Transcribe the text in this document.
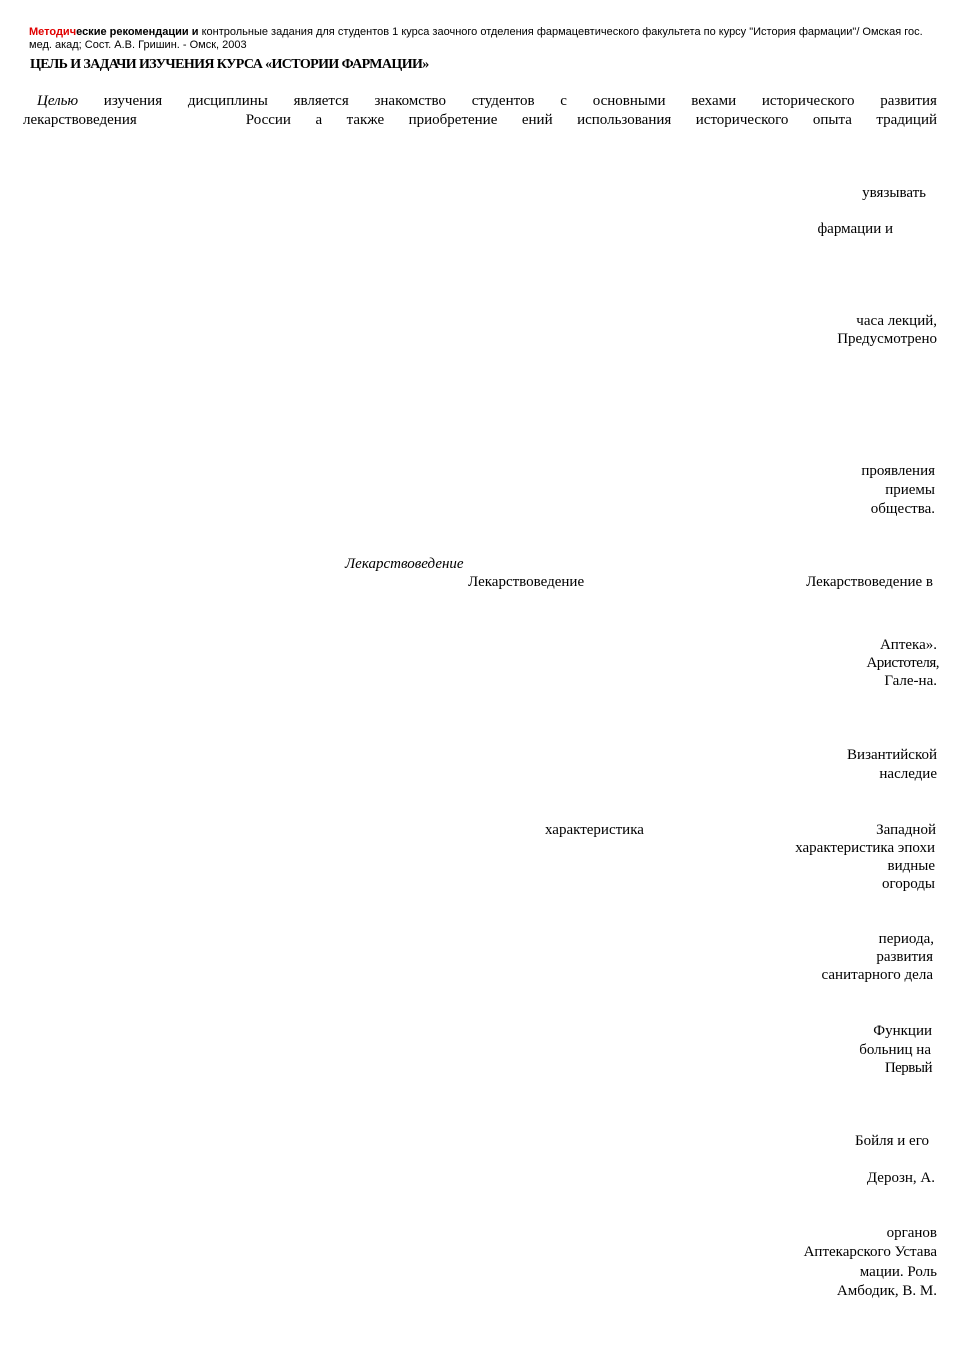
Методические рекомендации и контрольные задания для студентов 1 курса заочного отделения фармацевтического факультета по курсу "История фармации"/ Омская гос. мед. акад; Сост. А.В. Гришин. - Омск, 2003

ЦЕЛЬ И ЗАДАЧИ ИЗУЧЕНИЯ КУРСА «ИСТОРИИ ФАРМАЦИИ»
Целью изучения дисциплины является знакомство студентов с основными вехами исторического развития
лекарствоведения	России а также приобретение ений использования исторического опыта традиций

увязывать

фармации и

часа лекций,

Предусмотрено

проявления

приемы

общества.

Лекарствоведение

Лекарствоведение	Лекарствоведение в

Аптека».

Аристотеля,

Гале-на.

Византийской

наследие

характеристика	Западной

характеристика эпохи

видные

огороды

периода,

развития

санитарного дела

Функции

больниц на

Первый

Бойля и его

Дерозн, А.

органов

Аптекарского Устава

мации. Роль

Амбодик, В. М.
